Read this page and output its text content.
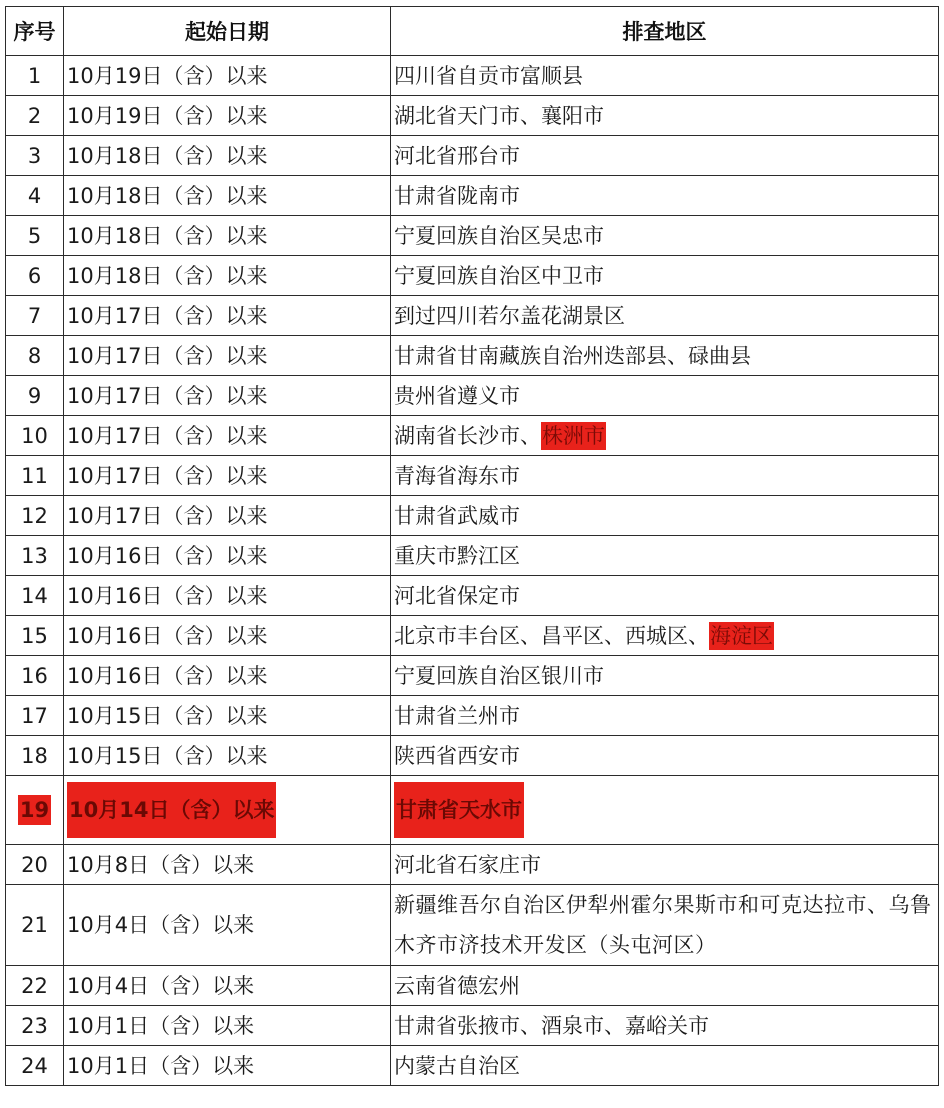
序号	起始日期	排查地区
1	10月19日（含）以来	四川省自贡市富顺县
2	10月19日（含）以来	湖北省天门市、襄阳市
3	10月18日（含）以来	河北省邢台市
4	10月18日（含）以来	甘肃省陇南市
5	10月18日（含）以来	宁夏回族自治区吴忠市
6	10月18日（含）以来	宁夏回族自治区中卫市
7	10月17日（含）以来	到过四川若尔盖花湖景区
8	10月17日（含）以来	甘肃省甘南藏族自治州迭部县、碌曲县
9	10月17日（含）以来	贵州省遵义市
10	10月17日（含）以来	湖南省长沙市、株洲市
11	10月17日（含）以来	青海省海东市
12	10月17日（含）以来	甘肃省武威市
13	10月16日（含）以来	重庆市黔江区
14	10月16日（含）以来	河北省保定市
15	10月16日（含）以来	北京市丰台区、昌平区、西城区、海淀区
16	10月16日（含）以来	宁夏回族自治区银川市
17	10月15日（含）以来	甘肃省兰州市
18	10月15日（含）以来	陕西省西安市
19	10月14日（含）以来	甘肃省天水市
20	10月8日（含）以来	河北省石家庄市
21	10月4日（含）以来	新疆维吾尔自治区伊犁州霍尔果斯市和可克达拉市、乌鲁木齐市济技术开发区（头屯河区）
22	10月4日（含）以来	云南省德宏州
23	10月1日（含）以来	甘肃省张掖市、酒泉市、嘉峪关市
24	10月1日（含）以来	内蒙古自治区
